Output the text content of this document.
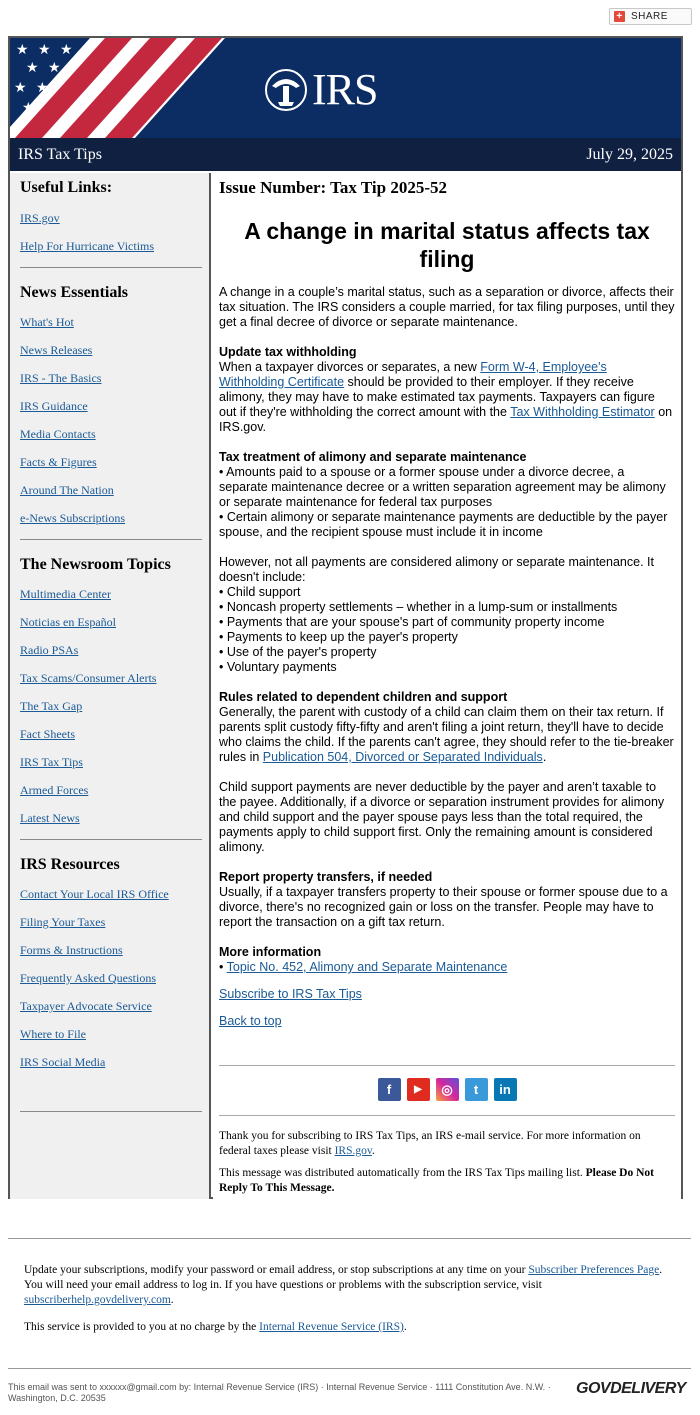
+ SHARE
★ ★ ★
★ ★
★ ★
★	IRS
IRS Tax Tips	July 29, 2025
Useful Links:
IRS.gov
Help For Hurricane Victims
News Essentials
What's Hot
News Releases
IRS - The Basics
IRS Guidance
Media Contacts
Facts & Figures
Around The Nation
e-News Subscriptions
The Newsroom Topics
Multimedia Center
Noticias en Español
Radio PSAs
Tax Scams/Consumer Alerts
The Tax Gap
Fact Sheets
IRS Tax Tips
Armed Forces
Latest News
IRS Resources
Contact Your Local IRS Office
Filing Your Taxes
Forms & Instructions
Frequently Asked Questions
Taxpayer Advocate Service
Where to File
IRS Social Media
Issue Number: Tax Tip 2025-52
A change in marital status affects tax filing

A change in a couple’s marital status, such as a separation or divorce, affects their tax situation. The IRS considers a couple married, for tax filing purposes, until they get a final decree of divorce or separate maintenance.

Update tax withholding
When a taxpayer divorces or separates, a new Form W-4, Employee's Withholding Certificate should be provided to their employer. If they receive alimony, they may have to make estimated tax payments. Taxpayers can figure out if they're withholding the correct amount with the Tax Withholding Estimator on IRS.gov.

Tax treatment of alimony and separate maintenance
• Amounts paid to a spouse or a former spouse under a divorce decree, a separate maintenance decree or a written separation agreement may be alimony or separate maintenance for federal tax purposes
• Certain alimony or separate maintenance payments are deductible by the payer spouse, and the recipient spouse must include it in income

However, not all payments are considered alimony or separate maintenance. It doesn't include:
• Child support
• Noncash property settlements – whether in a lump-sum or installments
• Payments that are your spouse's part of community property income
• Payments to keep up the payer's property
• Use of the payer's property
• Voluntary payments

Rules related to dependent children and support
Generally, the parent with custody of a child can claim them on their tax return. If parents split custody fifty-fifty and aren't filing a joint return, they'll have to decide who claims the child. If the parents can't agree, they should refer to the tie-breaker rules in Publication 504, Divorced or Separated Individuals.

Child support payments are never deductible by the payer and aren’t taxable to the payee. Additionally, if a divorce or separation instrument provides for alimony and child support and the payer spouse pays less than the total required, the payments apply to child support first. Only the remaining amount is considered alimony.

Report property transfers, if needed
Usually, if a taxpayer transfers property to their spouse or former spouse due to a divorce, there's no recognized gain or loss on the transfer. People may have to report the transaction on a gift tax return.

More information
• Topic No. 452, Alimony and Separate Maintenance

Subscribe to IRS Tax Tips

Back to top

f	▶	◎	t	in
Thank you for subscribing to IRS Tax Tips, an IRS e-mail service. For more information on federal taxes please visit IRS.gov.
This message was distributed automatically from the IRS Tax Tips mailing list. Please Do Not Reply To This Message.
Update your subscriptions, modify your password or email address, or stop subscriptions at any time on your Subscriber Preferences Page. You will need your email address to log in. If you have questions or problems with the subscription service, visit subscriberhelp.govdelivery.com.
This service is provided to you at no charge by the Internal Revenue Service (IRS).
This email was sent to xxxxxx@gmail.com by: Internal Revenue Service (IRS) · Internal Revenue Service · 1111 Constitution Ave. N.W. · Washington, D.C. 20535
GOVDELIVERY
